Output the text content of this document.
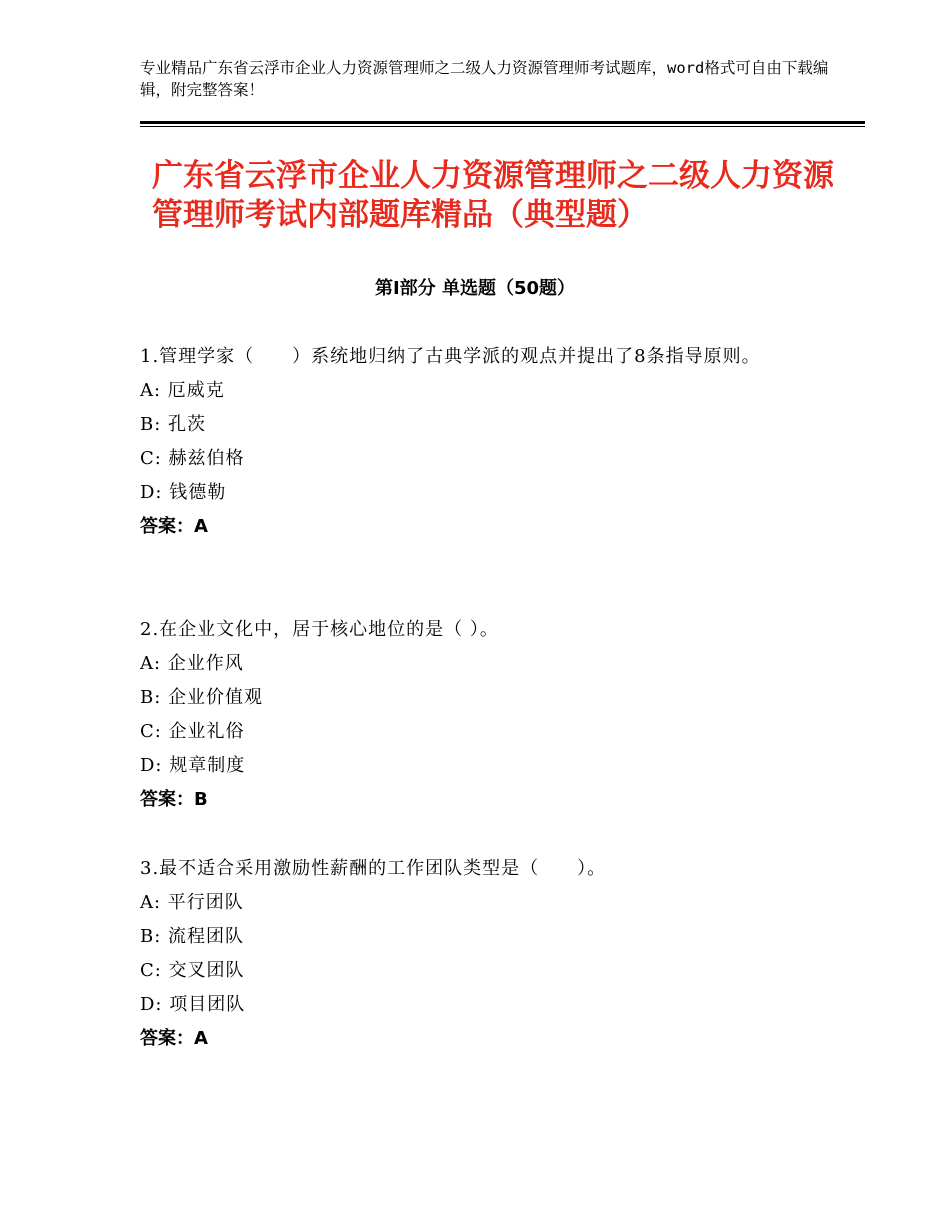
专业精品广东省云浮市企业人力资源管理师之二级人力资源管理师考试题库，word格式可自由下载编辑，附完整答案！
广东省云浮市企业人力资源管理师之二级人力资源管理师考试内部题库精品（典型题）
第Ⅰ部分 单选题（50题）

1.管理学家（　　）系统地归纳了古典学派的观点并提出了8条指导原则。

A: 厄威克

B: 孔茨

C: 赫兹伯格

D: 钱德勒

答案：A

2.在企业文化中，居于核心地位的是（ ）。

A: 企业作风

B: 企业价值观

C: 企业礼俗

D: 规章制度

答案：B

3.最不适合采用激励性薪酬的工作团队类型是（　　）。

A: 平行团队

B: 流程团队

C: 交叉团队

D: 项目团队

答案：A
